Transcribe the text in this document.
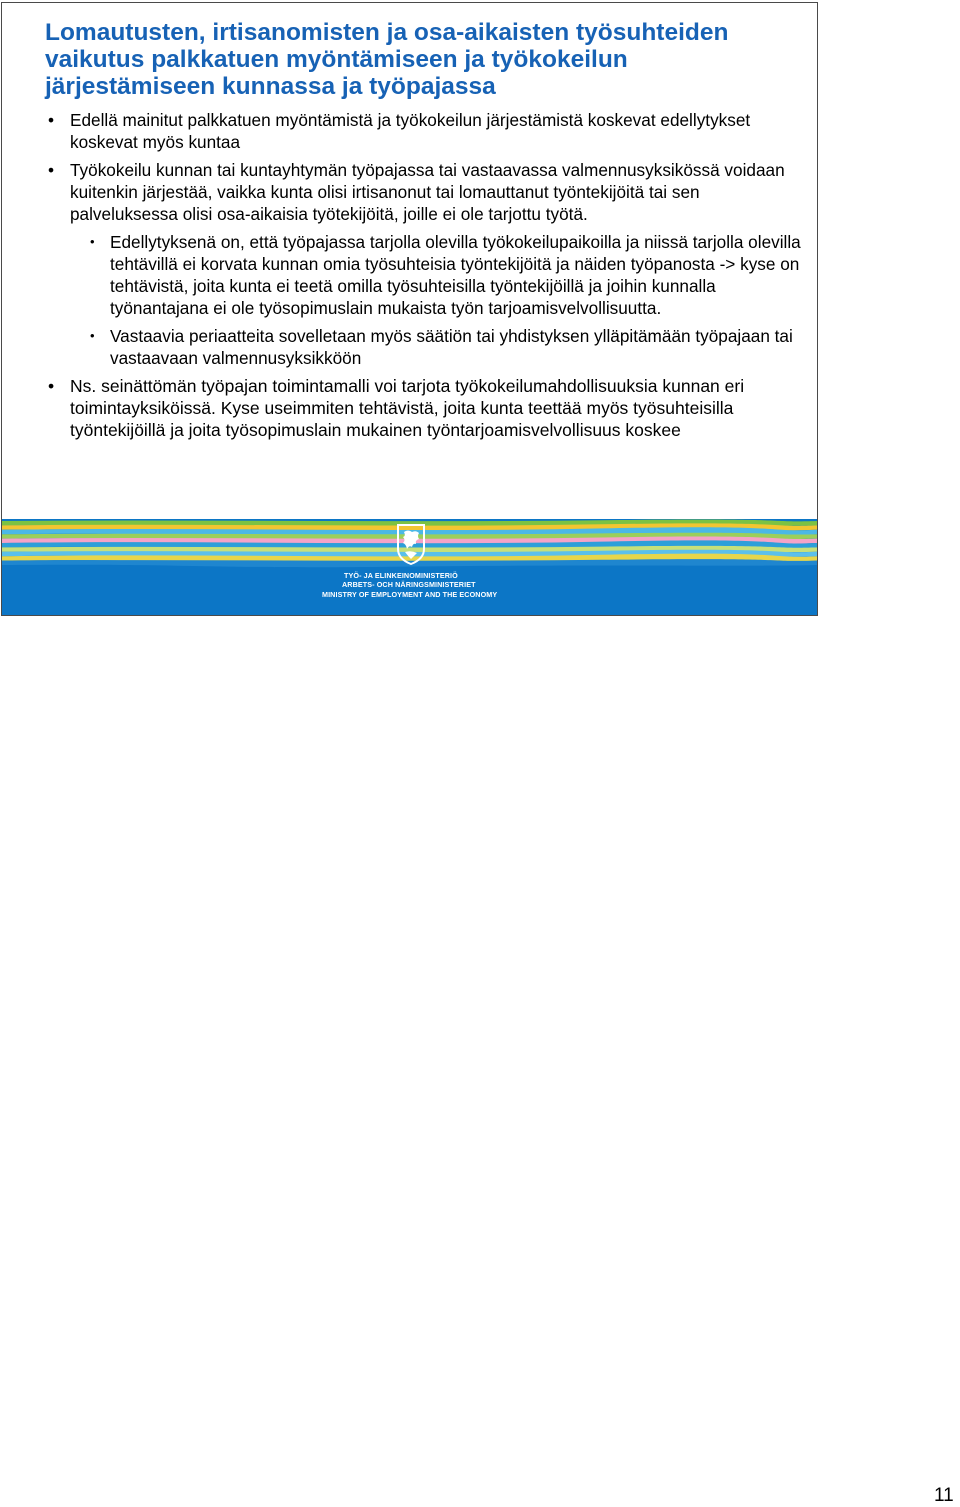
Lomautusten, irtisanomisten ja osa-aikaisten työsuhteiden vaikutus palkkatuen myöntämiseen ja työkokeilun järjestämiseen kunnassa ja työpajassa

• Edellä mainitut palkkatuen myöntämistä ja työkokeilun järjestämistä koskevat edellytykset koskevat myös kuntaa

• Työkokeilu kunnan tai kuntayhtymän työpajassa tai vastaavassa valmennusyksikössä voidaan kuitenkin järjestää, vaikka kunta olisi irtisanonut tai lomauttanut työntekijöitä tai sen palveluksessa olisi osa-aikaisia työtekijöitä, joille ei ole tarjottu työtä.

• Edellytyksenä on, että työpajassa tarjolla olevilla työkokeilupaikoilla ja niissä tarjolla olevilla tehtävillä ei korvata kunnan omia työsuhteisia työntekijöitä ja näiden työpanosta -> kyse on tehtävistä, joita kunta ei teetä omilla työsuhteisilla työntekijöillä ja joihin kunnalla työnantajana ei ole työsopimuslain mukaista työn tarjoamisvelvollisuutta.

• Vastaavia periaatteita sovelletaan myös säätiön tai yhdistyksen ylläpitämään työpajaan tai vastaavaan valmennusyksikköön

• Ns. seinättömän työpajan toimintamalli voi tarjota työkokeilumahdollisuuksia kunnan eri toimintayksiköissä. Kyse useimmiten tehtävistä, joita kunta teettää myös työsuhteisilla työntekijöillä ja joita työsopimuslain mukainen työntarjoamisvelvollisuus koskee

TYÖ- JA ELINKEINOMINISTERIÖ
ARBETS- OCH NÄRINGSMINISTERIET
MINISTRY OF EMPLOYMENT AND THE ECONOMY
11
